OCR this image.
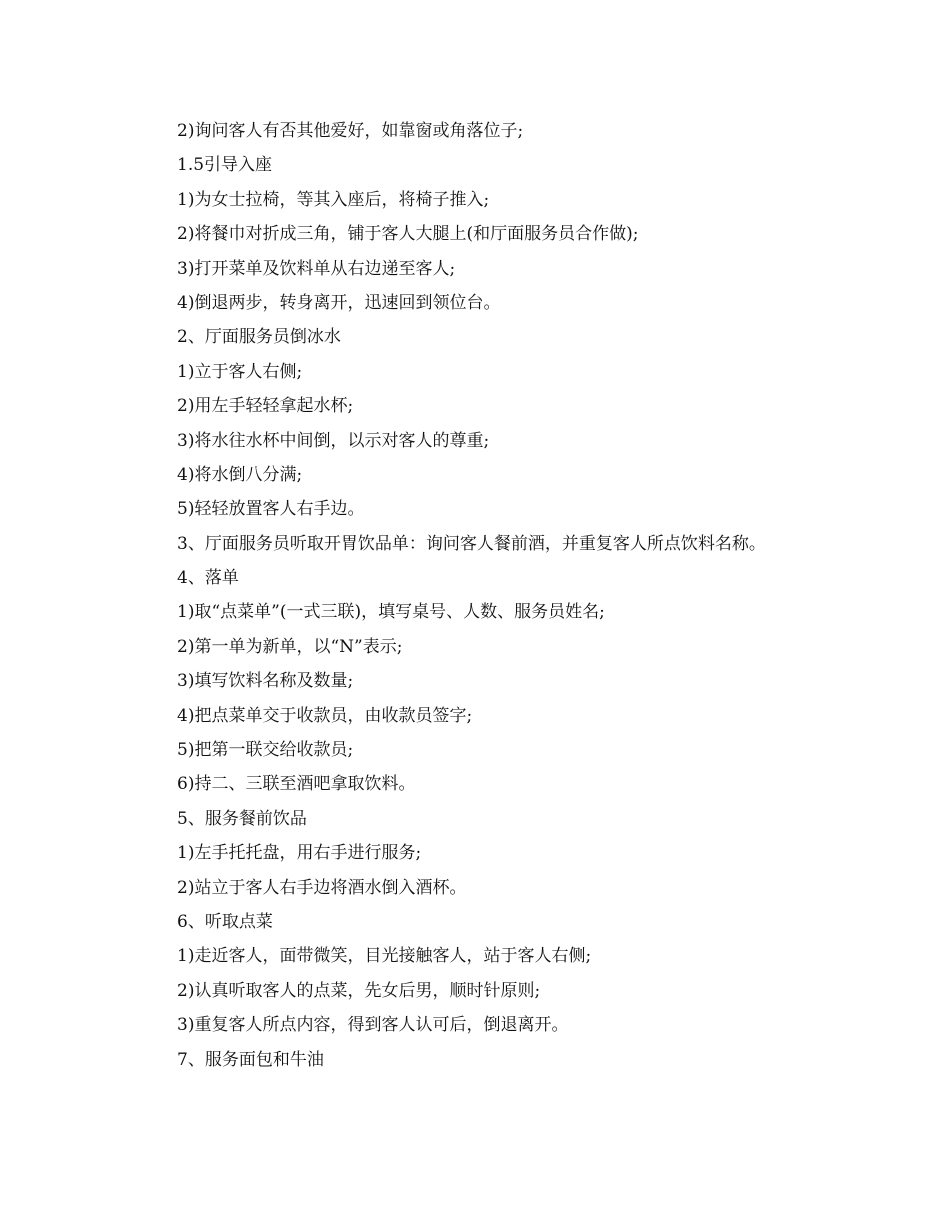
2)询问客人有否其他爱好，如靠窗或角落位子;
1.5引导入座
1)为女士拉椅，等其入座后，将椅子推入;
2)将餐巾对折成三角，铺于客人大腿上(和厅面服务员合作做);
3)打开菜单及饮料单从右边递至客人;
4)倒退两步，转身离开，迅速回到领位台。
2、厅面服务员倒冰水
1)立于客人右侧;
2)用左手轻轻拿起水杯;
3)将水往水杯中间倒，以示对客人的尊重;
4)将水倒八分满;
5)轻轻放置客人右手边。
3、厅面服务员听取开胃饮品单：询问客人餐前酒，并重复客人所点饮料名称。
4、落单
1)取“点菜单”(一式三联)，填写桌号、人数、服务员姓名;
2)第一单为新单，以“N”表示;
3)填写饮料名称及数量;
4)把点菜单交于收款员，由收款员签字;
5)把第一联交给收款员;
6)持二、三联至酒吧拿取饮料。
5、服务餐前饮品
1)左手托托盘，用右手进行服务;
2)站立于客人右手边将酒水倒入酒杯。
6、听取点菜
1)走近客人，面带微笑，目光接触客人，站于客人右侧;
2)认真听取客人的点菜，先女后男，顺时针原则;
3)重复客人所点内容，得到客人认可后，倒退离开。
7、服务面包和牛油
